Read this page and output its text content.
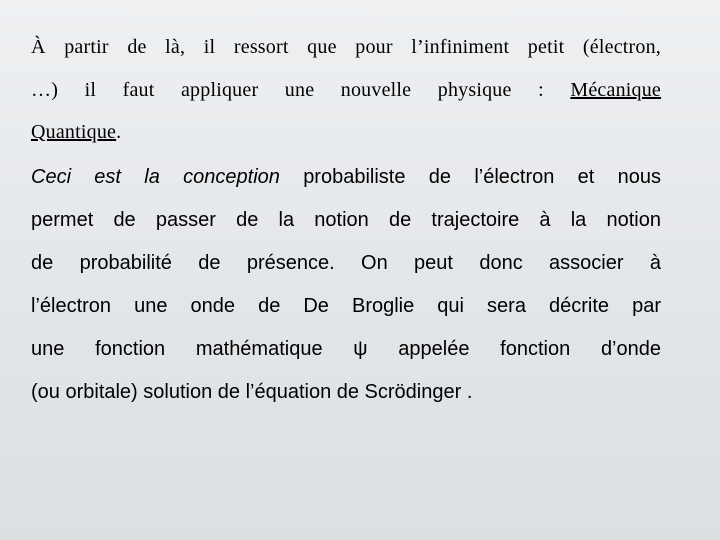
À partir de là, il ressort que pour l’infiniment petit (électron,
…) il faut appliquer une nouvelle physique : Mécanique
Quantique.
Ceci est la conception probabiliste de l’électron et nous
permet de passer de la notion de trajectoire à la notion
de probabilité de présence. On peut donc associer à
l’électron une onde de De Broglie qui sera décrite par
une fonction mathématique ψ appelée fonction d’onde
(ou orbitale) solution de l’équation de Scrödinger .
